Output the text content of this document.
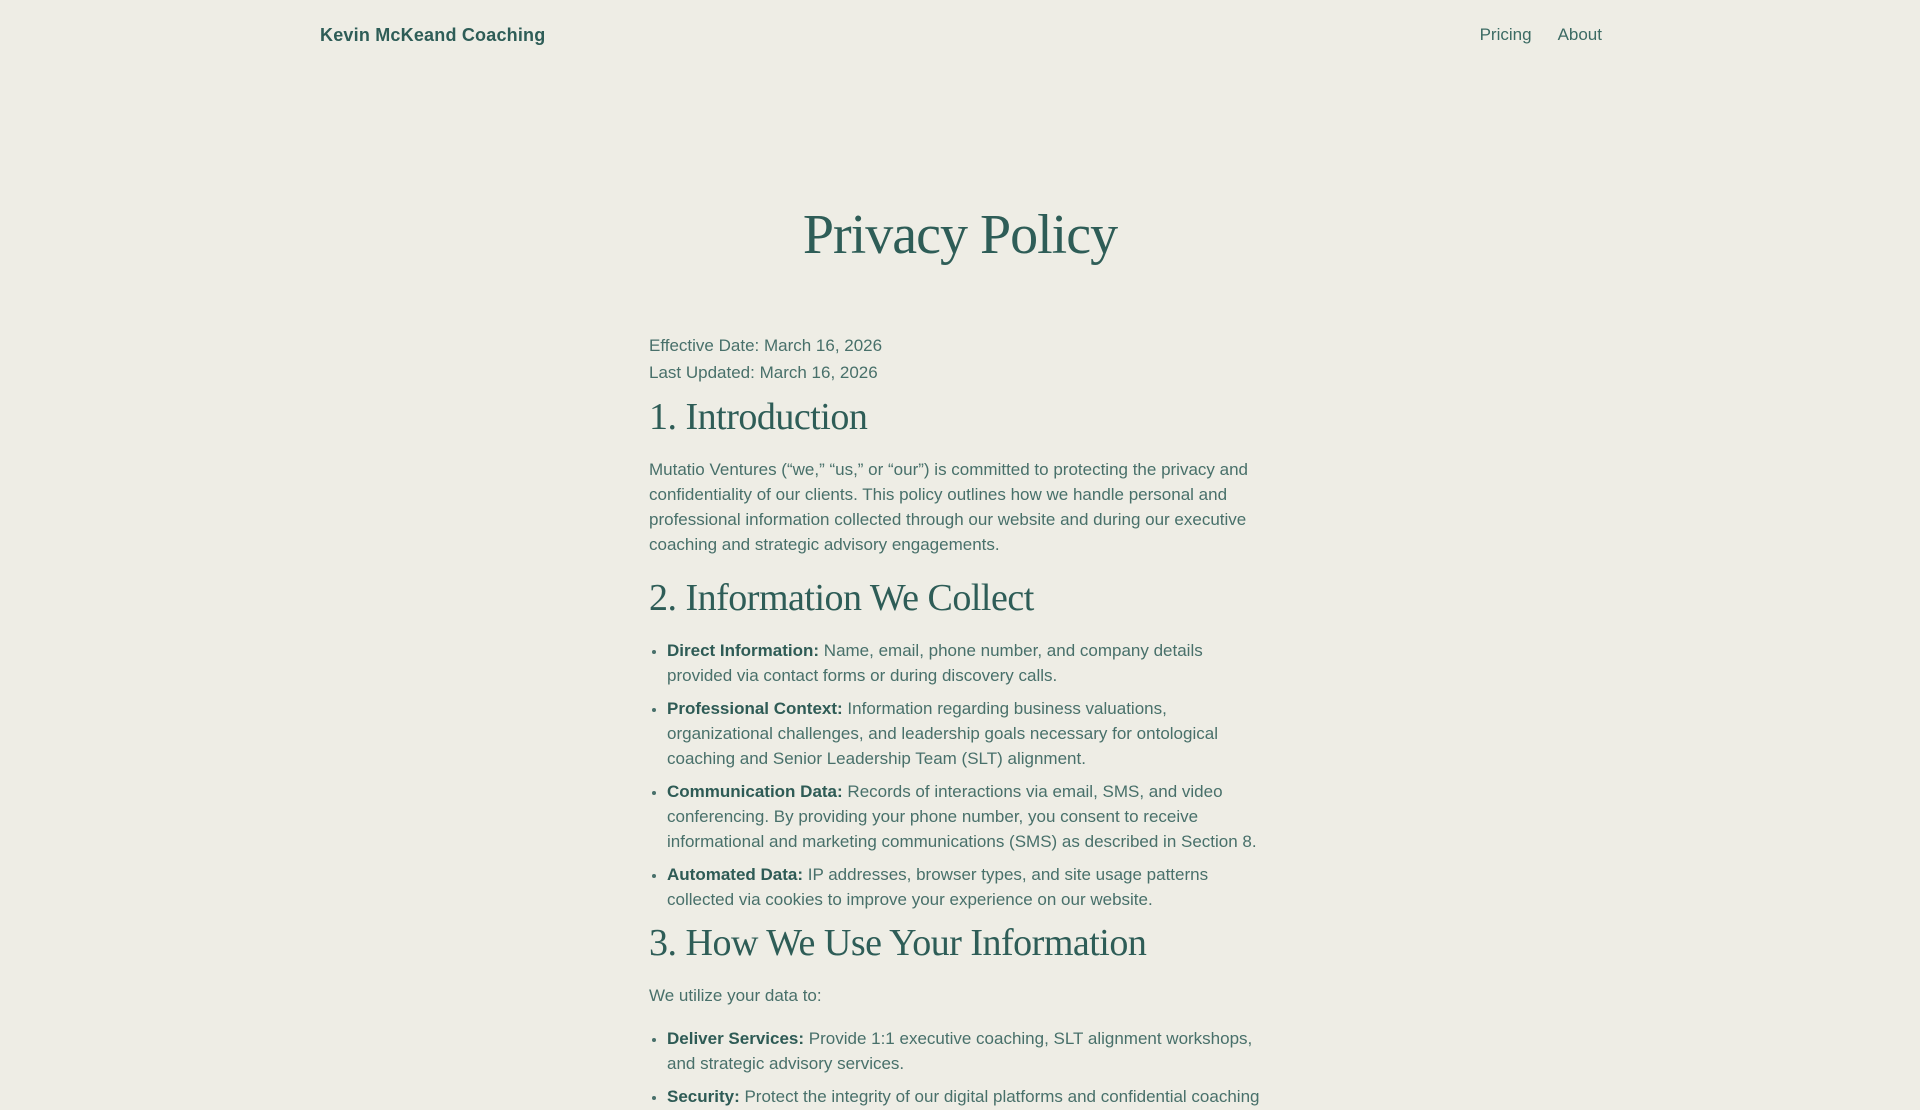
Kevin McKeand Coaching	Pricing About
Privacy Policy

Effective Date: March 16, 2026

Last Updated: March 16, 2026

1. Introduction

Mutatio Ventures (“we,” “us,” or “our”) is committed to protecting the privacy and confidentiality of our clients. This policy outlines how we handle personal and professional information collected through our website and during our executive coaching and strategic advisory engagements.

2. Information We Collect
• Direct Information: Name, email, phone number, and company details provided via contact forms or during discovery calls.
• Professional Context: Information regarding business valuations, organizational challenges, and leadership goals necessary for ontological coaching and Senior Leadership Team (SLT) alignment.
• Communication Data: Records of interactions via email, SMS, and video conferencing. By providing your phone number, you consent to receive informational and marketing communications (SMS) as described in Section 8.
• Automated Data: IP addresses, browser types, and site usage patterns collected via cookies to improve your experience on our website.
3. How We Use Your Information

We utilize your data to:

• Deliver Services: Provide 1:1 executive coaching, SLT alignment workshops, and strategic advisory services.
• Security: Protect the integrity of our digital platforms and confidential coaching
